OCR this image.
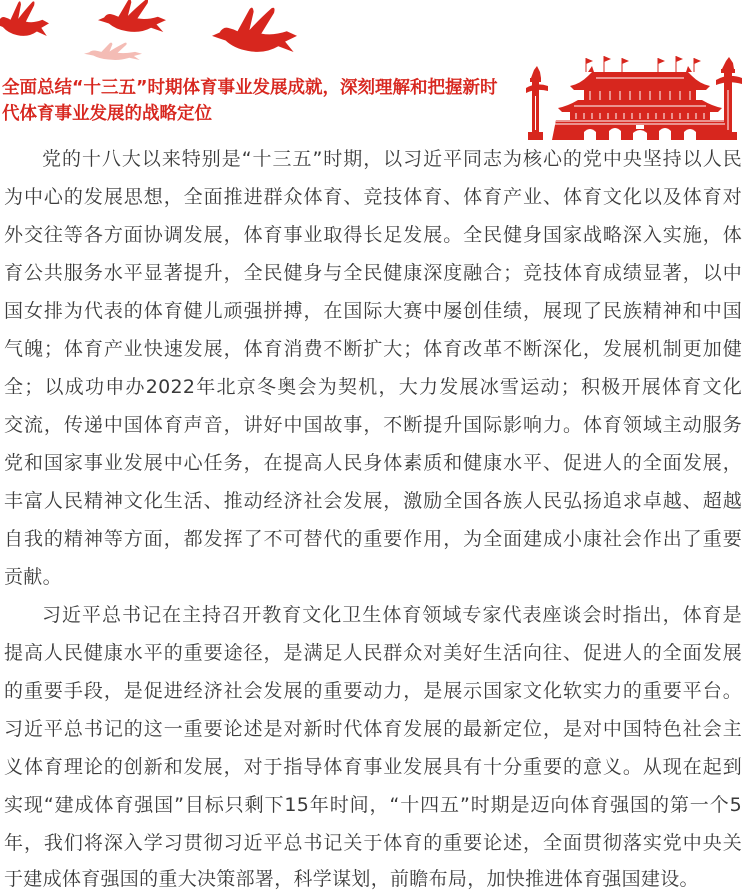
全面总结“十三五”时期体育事业发展成就，深刻理解和把握新时
代体育事业发展的战略定位
党的十八大以来特别是“十三五”时期，以习近平同志为核心的党中央坚持以人民
为中心的发展思想，全面推进群众体育、竞技体育、体育产业、体育文化以及体育对
外交往等各方面协调发展，体育事业取得长足发展。全民健身国家战略深入实施，体
育公共服务水平显著提升，全民健身与全民健康深度融合；竞技体育成绩显著，以中
国女排为代表的体育健儿顽强拼搏，在国际大赛中屡创佳绩，展现了民族精神和中国
气魄；体育产业快速发展，体育消费不断扩大；体育改革不断深化，发展机制更加健
全；以成功申办2022年北京冬奥会为契机，大力发展冰雪运动；积极开展体育文化
交流，传递中国体育声音，讲好中国故事，不断提升国际影响力。体育领域主动服务
党和国家事业发展中心任务，在提高人民身体素质和健康水平、促进人的全面发展，
丰富人民精神文化生活、推动经济社会发展，激励全国各族人民弘扬追求卓越、超越
自我的精神等方面，都发挥了不可替代的重要作用，为全面建成小康社会作出了重要
贡献。
习近平总书记在主持召开教育文化卫生体育领域专家代表座谈会时指出，体育是
提高人民健康水平的重要途径，是满足人民群众对美好生活向往、促进人的全面发展
的重要手段，是促进经济社会发展的重要动力，是展示国家文化软实力的重要平台。
习近平总书记的这一重要论述是对新时代体育发展的最新定位，是对中国特色社会主
义体育理论的创新和发展，对于指导体育事业发展具有十分重要的意义。从现在起到
实现“建成体育强国”目标只剩下15年时间，“十四五”时期是迈向体育强国的第一个5
年，我们将深入学习贯彻习近平总书记关于体育的重要论述，全面贯彻落实党中央关
于建成体育强国的重大决策部署，科学谋划，前瞻布局，加快推进体育强国建设。
